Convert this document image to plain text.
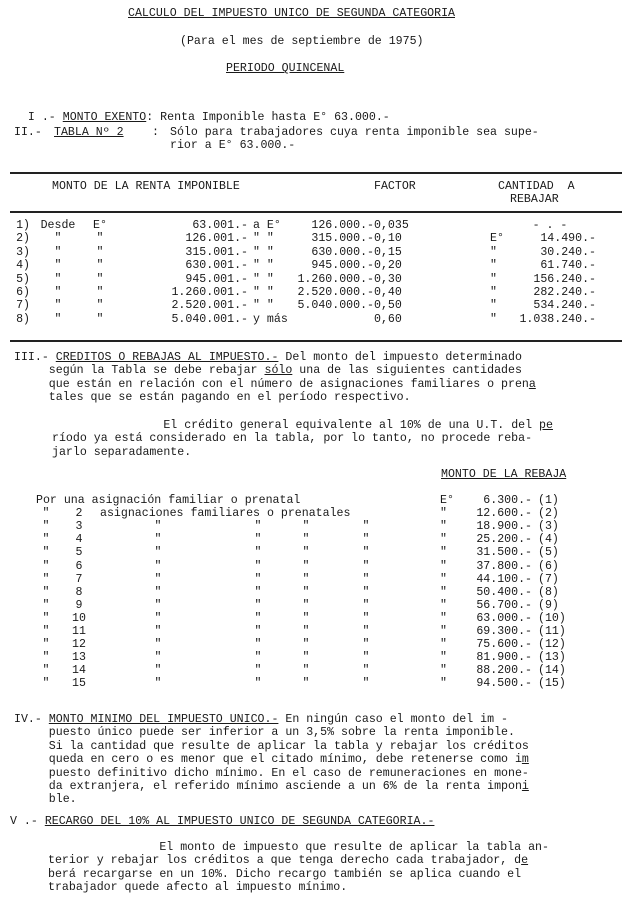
CALCULO DEL IMPUESTO UNICO DE SEGUNDA CATEGORIA
(Para el mes de septiembre de 1975)
PERIODO QUINCENAL

I .- MONTO EXENTO: Renta Imponible hasta E° 63.000.-

II.- TABLA Nº 2 : Sólo para trabajadores cuya renta imponible sea supe-
rior a E° 63.000.-
MONTO DE LA RENTA IMPONIBLE	FACTOR	CANTIDAD  A
REBAJAR
1) Desde	E°	63.001.- a E°	126.000.- 0,035	- . -
2)	"	"	126.001.- " "	315.000.- 0,10	E°	14.490.-
3)	"	"	315.001.- " "	630.000.- 0,15	"	30.240.-
4)	"	"	630.001.- " "	945.000.- 0,20	"	61.740.-
5)	"	"	945.001.- " "	1.260.000.- 0,30	"	156.240.-
6)	"	"	1.260.001.- " "	2.520.000.- 0,40	"	282.240.-
7)	"	"	2.520.001.- " "	5.040.000.- 0,50	"	534.240.-
8)	"	"	5.040.001.- y más	0,60	"	1.038.240.-
III.- CREDITOS O REBAJAS AL IMPUESTO.- Del monto del impuesto determinado
según la Tabla se debe rebajar sólo una de las siguientes cantidades
que están en relación con el número de asignaciones familiares o prena
tales que se están pagando en el período respectivo.
El crédito general equivalente al 10% de una U.T. del pe
ríodo ya está considerado en la tabla, por lo tanto, no procede reba-
jarlo separadamente.
MONTO DE LA REBAJA
Por una asignación familiar o prenatal	E°	6.300.- (1)
"	2	asignaciones familiares o prenatales	"	12.600.- (2)
"	3	"	"	"	"	"	18.900.- (3)
"	4	"	"	"	"	"	25.200.- (4)
"	5	"	"	"	"	"	31.500.- (5)
"	6	"	"	"	"	"	37.800.- (6)
"	7	"	"	"	"	"	44.100.- (7)
"	8	"	"	"	"	"	50.400.- (8)
"	9	"	"	"	"	"	56.700.- (9)
"	10	"	"	"	"	"	63.000.- (10)
"	11	"	"	"	"	"	69.300.- (11)
"	12	"	"	"	"	"	75.600.- (12)
"	13	"	"	"	"	"	81.900.- (13)
"	14	"	"	"	"	"	88.200.- (14)
"	15	"	"	"	"	"	94.500.- (15)
IV.- MONTO MINIMO DEL IMPUESTO UNICO.- En ningún caso el monto del im -
puesto único puede ser inferior a un 3,5% sobre la renta imponible.
Si la cantidad que resulte de aplicar la tabla y rebajar los créditos
queda en cero o es menor que el citado mínimo, debe retenerse como im
puesto definitivo dicho mínimo. En el caso de remuneraciones en mone-
da extranjera, el referido mínimo asciende a un 6% de la renta imponi
ble.
V .- RECARGO DEL 10% AL IMPUESTO UNICO DE SEGUNDA CATEGORIA.-
El monto de impuesto que resulte de aplicar la tabla an-
terior y rebajar los créditos a que tenga derecho cada trabajador, de
berá recargarse en un 10%. Dicho recargo también se aplica cuando el
trabajador quede afecto al impuesto mínimo.
